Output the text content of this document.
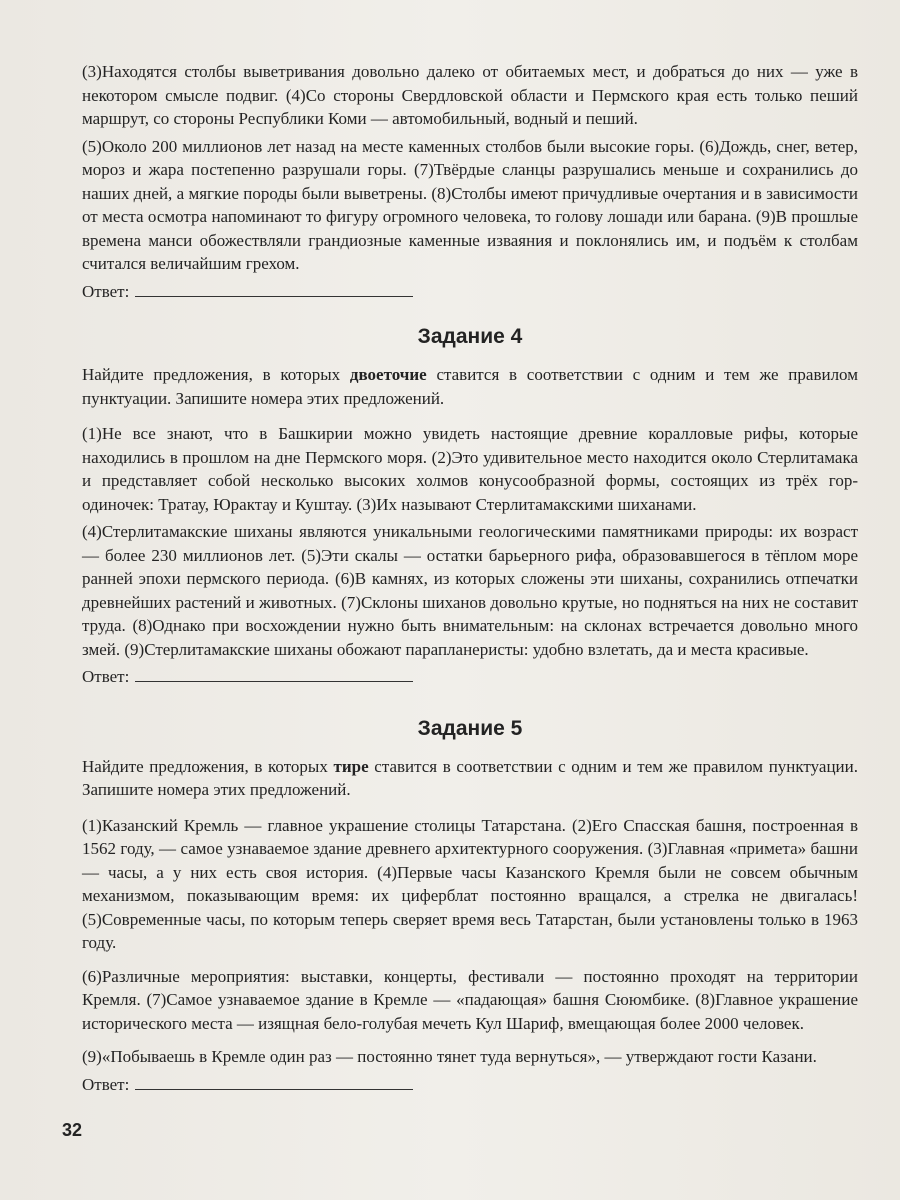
(3)Находятся столбы выветривания довольно далеко от обитаемых мест, и добраться до них — уже в некотором смысле подвиг. (4)Со стороны Свердловской области и Пермского края есть только пеший маршрут, со стороны Республики Коми — автомобильный, водный и пеший.

(5)Около 200 миллионов лет назад на месте каменных столбов были высокие горы. (6)Дождь, снег, ветер, мороз и жара постепенно разрушали горы. (7)Твёрдые сланцы разрушались меньше и сохранились до наших дней, а мягкие породы были выветрены. (8)Столбы имеют причудливые очертания и в зависимости от места осмотра напоминают то фигуру огромного человека, то голову лошади или барана. (9)В прошлые времена манси обожествляли грандиозные каменные изваяния и поклонялись им, и подъём к столбам считался величайшим грехом.

Ответ:
Задание 4

Найдите предложения, в которых двоеточие ставится в соответствии с одним и тем же правилом пунктуации. Запишите номера этих предложений.

(1)Не все знают, что в Башкирии можно увидеть настоящие древние коралловые рифы, которые находились в прошлом на дне Пермского моря. (2)Это удивительное место находится около Стерлитамака и представляет собой несколько высоких холмов конусообразной формы, состоящих из трёх гор-одиночек: Тратау, Юрактау и Куштау. (3)Их называют Стерлитамакскими шиханами.

(4)Стерлитамакские шиханы являются уникальными геологическими памятниками природы: их возраст — более 230 миллионов лет. (5)Эти скалы — остатки барьерного рифа, образовавшегося в тёплом море ранней эпохи пермского периода. (6)В камнях, из которых сложены эти шиханы, сохранились отпечатки древнейших растений и животных. (7)Склоны шиханов довольно крутые, но подняться на них не составит труда. (8)Однако при восхождении нужно быть внимательным: на склонах встречается довольно много змей. (9)Стерлитамакские шиханы обожают парапланеристы: удобно взлетать, да и места красивые.

Ответ:
Задание 5

Найдите предложения, в которых тире ставится в соответствии с одним и тем же правилом пунктуации. Запишите номера этих предложений.

(1)Казанский Кремль — главное украшение столицы Татарстана. (2)Его Спасская башня, построенная в 1562 году, — самое узнаваемое здание древнего архитектурного сооружения. (3)Главная «примета» башни — часы, а у них есть своя история. (4)Первые часы Казанского Кремля были не совсем обычным механизмом, показывающим время: их циферблат постоянно вращался, а стрелка не двигалась! (5)Современные часы, по которым теперь сверяет время весь Татарстан, были установлены только в 1963 году.

(6)Различные мероприятия: выставки, концерты, фестивали — постоянно проходят на территории Кремля. (7)Самое узнаваемое здание в Кремле — «падающая» башня Сююмбике. (8)Главное украшение исторического места — изящная бело-голубая мечеть Кул Шариф, вмещающая более 2000 человек.

(9)«Побываешь в Кремле один раз — постоянно тянет туда вернуться», — утверждают гости Казани.

Ответ:
32
